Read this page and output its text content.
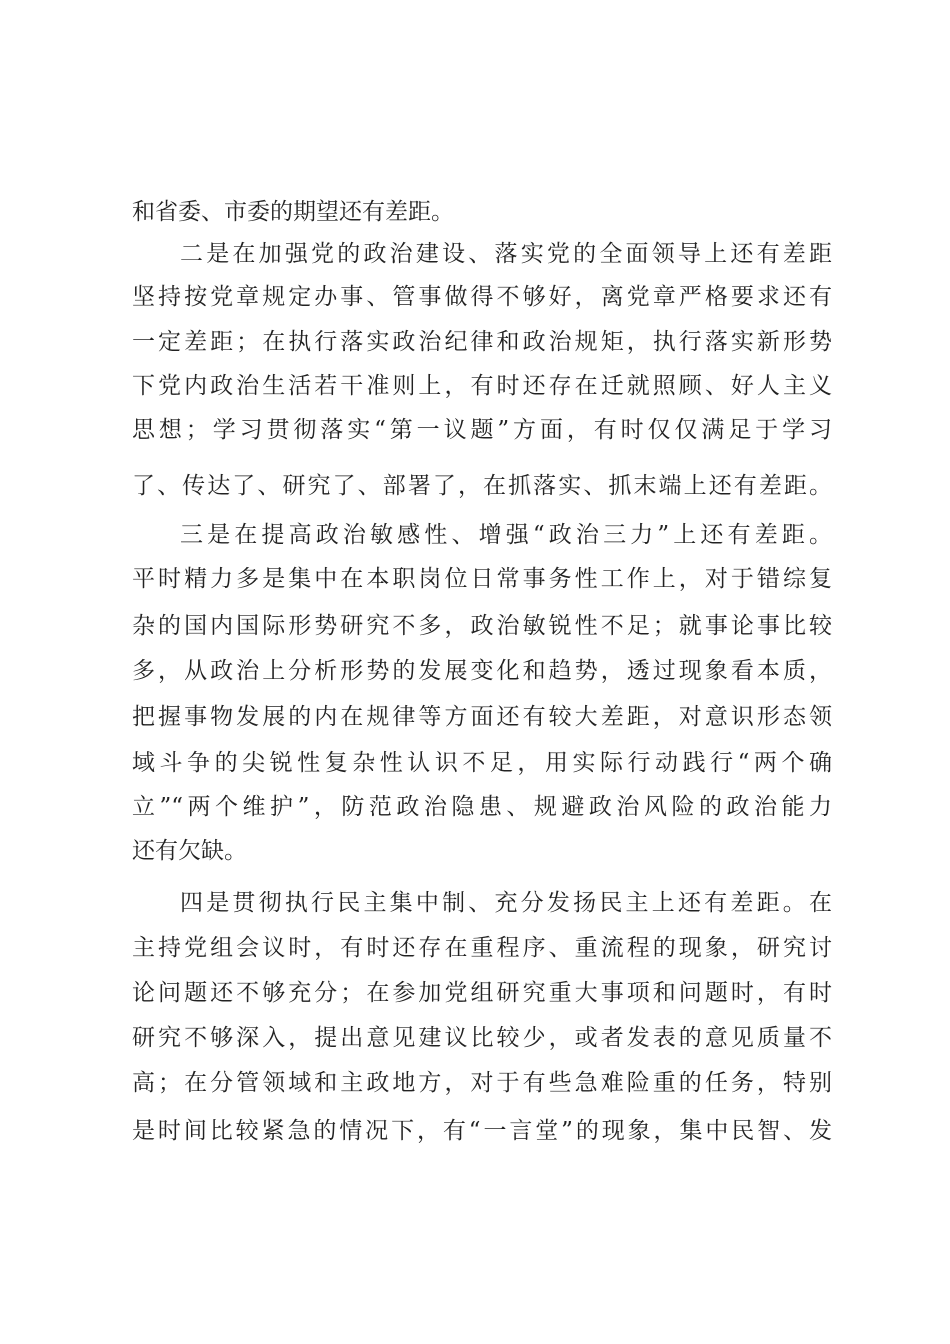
和省委、市委的期望还有差距。
二是在加强党的政治建设、落实党的全面领导上还有差距
坚持按党章规定办事、管事做得不够好，离党章严格要求还有
一定差距；在执行落实政治纪律和政治规矩，执行落实新形势
下党内政治生活若干准则上，有时还存在迁就照顾、好人主义
思想；学习贯彻落实“第一议题”方面，有时仅仅满足于学习
了、传达了、研究了、部署了，在抓落实、抓末端上还有差距。
三是在提高政治敏感性、增强“政治三力”上还有差距。
平时精力多是集中在本职岗位日常事务性工作上，对于错综复
杂的国内国际形势研究不多，政治敏锐性不足；就事论事比较
多，从政治上分析形势的发展变化和趋势，透过现象看本质，
把握事物发展的内在规律等方面还有较大差距，对意识形态领
域斗争的尖锐性复杂性认识不足，用实际行动践行“两个确
立”“两个维护”，防范政治隐患、规避政治风险的政治能力
还有欠缺。
四是贯彻执行民主集中制、充分发扬民主上还有差距。在
主持党组会议时，有时还存在重程序、重流程的现象，研究讨
论问题还不够充分；在参加党组研究重大事项和问题时，有时
研究不够深入，提出意见建议比较少，或者发表的意见质量不
高；在分管领域和主政地方，对于有些急难险重的任务，特别
是时间比较紧急的情况下，有“一言堂”的现象，集中民智、发
